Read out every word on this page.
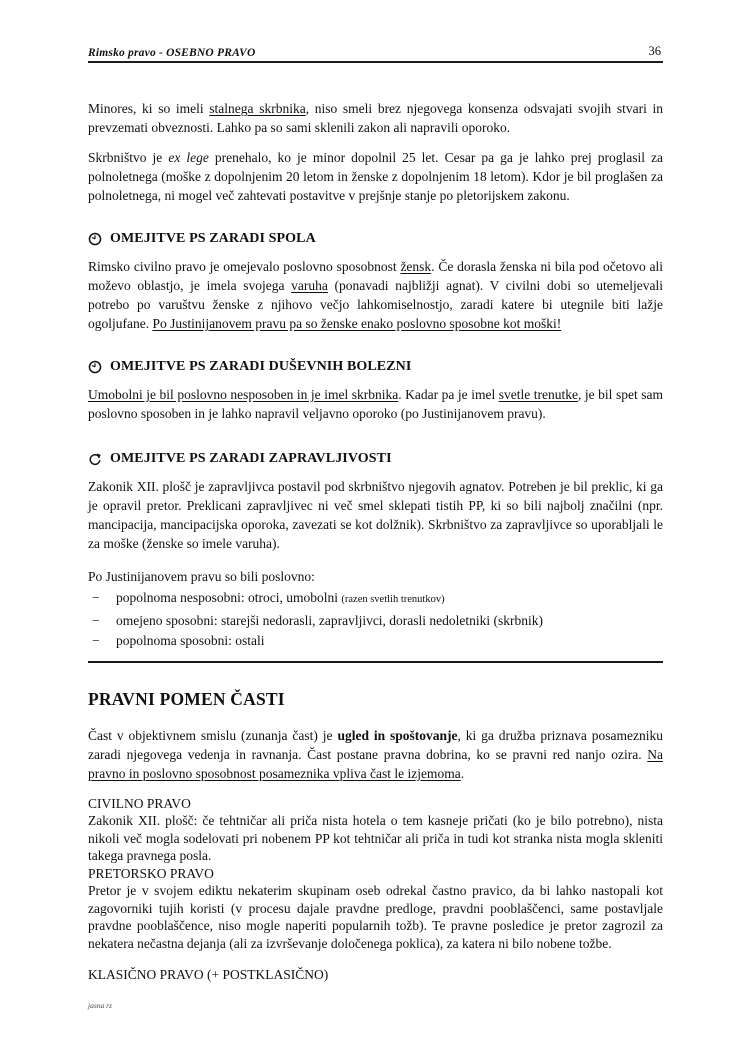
Rimsko pravo - OSEBNO PRAVO	36

Minores, ki so imeli stalnega skrbnika, niso smeli brez njegovega konsenza odsvajati svojih stvari in prevzemati obveznosti. Lahko pa so sami sklenili zakon ali napravili oporoko.

Skrbništvo je ex lege prenehalo, ko je minor dopolnil 25 let. Cesar pa ga je lahko prej proglasil za polnoletnega (moške z dopolnjenim 20 letom in ženske z dopolnjenim 18 letom). Kdor je bil proglašen za polnoletnega, ni mogel več zahtevati postavitve v prejšnje stanje po pletorijskem zakonu.

OMEJITVE PS ZARADI SPOLA

Rimsko civilno pravo je omejevalo poslovno sposobnost žensk. Če dorasla ženska ni bila pod očetovo ali moževo oblastjo, je imela svojega varuha (ponavadi najbližji agnat). V civilni dobi so utemeljevali potrebo po varuštvu ženske z njihovo večjo lahkomiselnostjo, zaradi katere bi utegnile biti lažje ogoljufane. Po Justinijanovem pravu pa so ženske enako poslovno sposobne kot moški!

OMEJITVE PS ZARADI DUŠEVNIH BOLEZNI

Umobolni je bil poslovno nesposoben in je imel skrbnika. Kadar pa je imel svetle trenutke, je bil spet sam poslovno sposoben in je lahko napravil veljavno oporoko (po Justinijanovem pravu).

OMEJITVE PS ZARADI ZAPRAVLJIVOSTI

Zakonik XII. plošč je zapravljivca postavil pod skrbništvo njegovih agnatov. Potreben je bil preklic, ki ga je opravil pretor. Preklicani zapravljivec ni več smel sklepati tistih PP, ki so bili najbolj značilni (npr. mancipacija, mancipacijska oporoka, zavezati se kot dolžnik). Skrbništvo za zapravljivce so uporabljali le za moške (ženske so imele varuha).

Po Justinijanovem pravu so bili poslovno:

−	popolnoma nesposobni: otroci, umobolni (razen svetlih trenutkov)
−	omejeno sposobni: starejši nedorasli, zapravljivci, dorasli nedoletniki (skrbnik)
−	popolnoma sposobni: ostali
PRAVNI POMEN ČASTI

Čast v objektivnem smislu (zunanja čast) je ugled in spoštovanje, ki ga družba priznava posamezniku zaradi njegovega vedenja in ravnanja. Čast postane pravna dobrina, ko se pravni red nanjo ozira. Na pravno in poslovno sposobnost posameznika vpliva čast le izjemoma.

CIVILNO PRAVO
Zakonik XII. plošč: če tehtničar ali priča nista hotela o tem kasneje pričati (ko je bilo potrebno), nista nikoli več mogla sodelovati pri nobenem PP kot tehtničar ali priča in tudi kot stranka nista mogla skleniti takega pravnega posla.
PRETORSKO PRAVO
Pretor je v svojem ediktu nekaterim skupinam oseb odrekal častno pravico, da bi lahko nastopali kot zagovorniki tujih koristi (v procesu dajale pravdne predloge, pravdni pooblaščenci, same postavljale pravdne pooblaščence, niso mogle naperiti popularnih tožb). Te pravne posledice je pretor zagrozil za nekatera nečastna dejanja (ali za izvrševanje določenega poklica), za katera ni bilo nobene tožbe.
KLASIČNO PRAVO (+ POSTKLASIČNO)
jasna rz
